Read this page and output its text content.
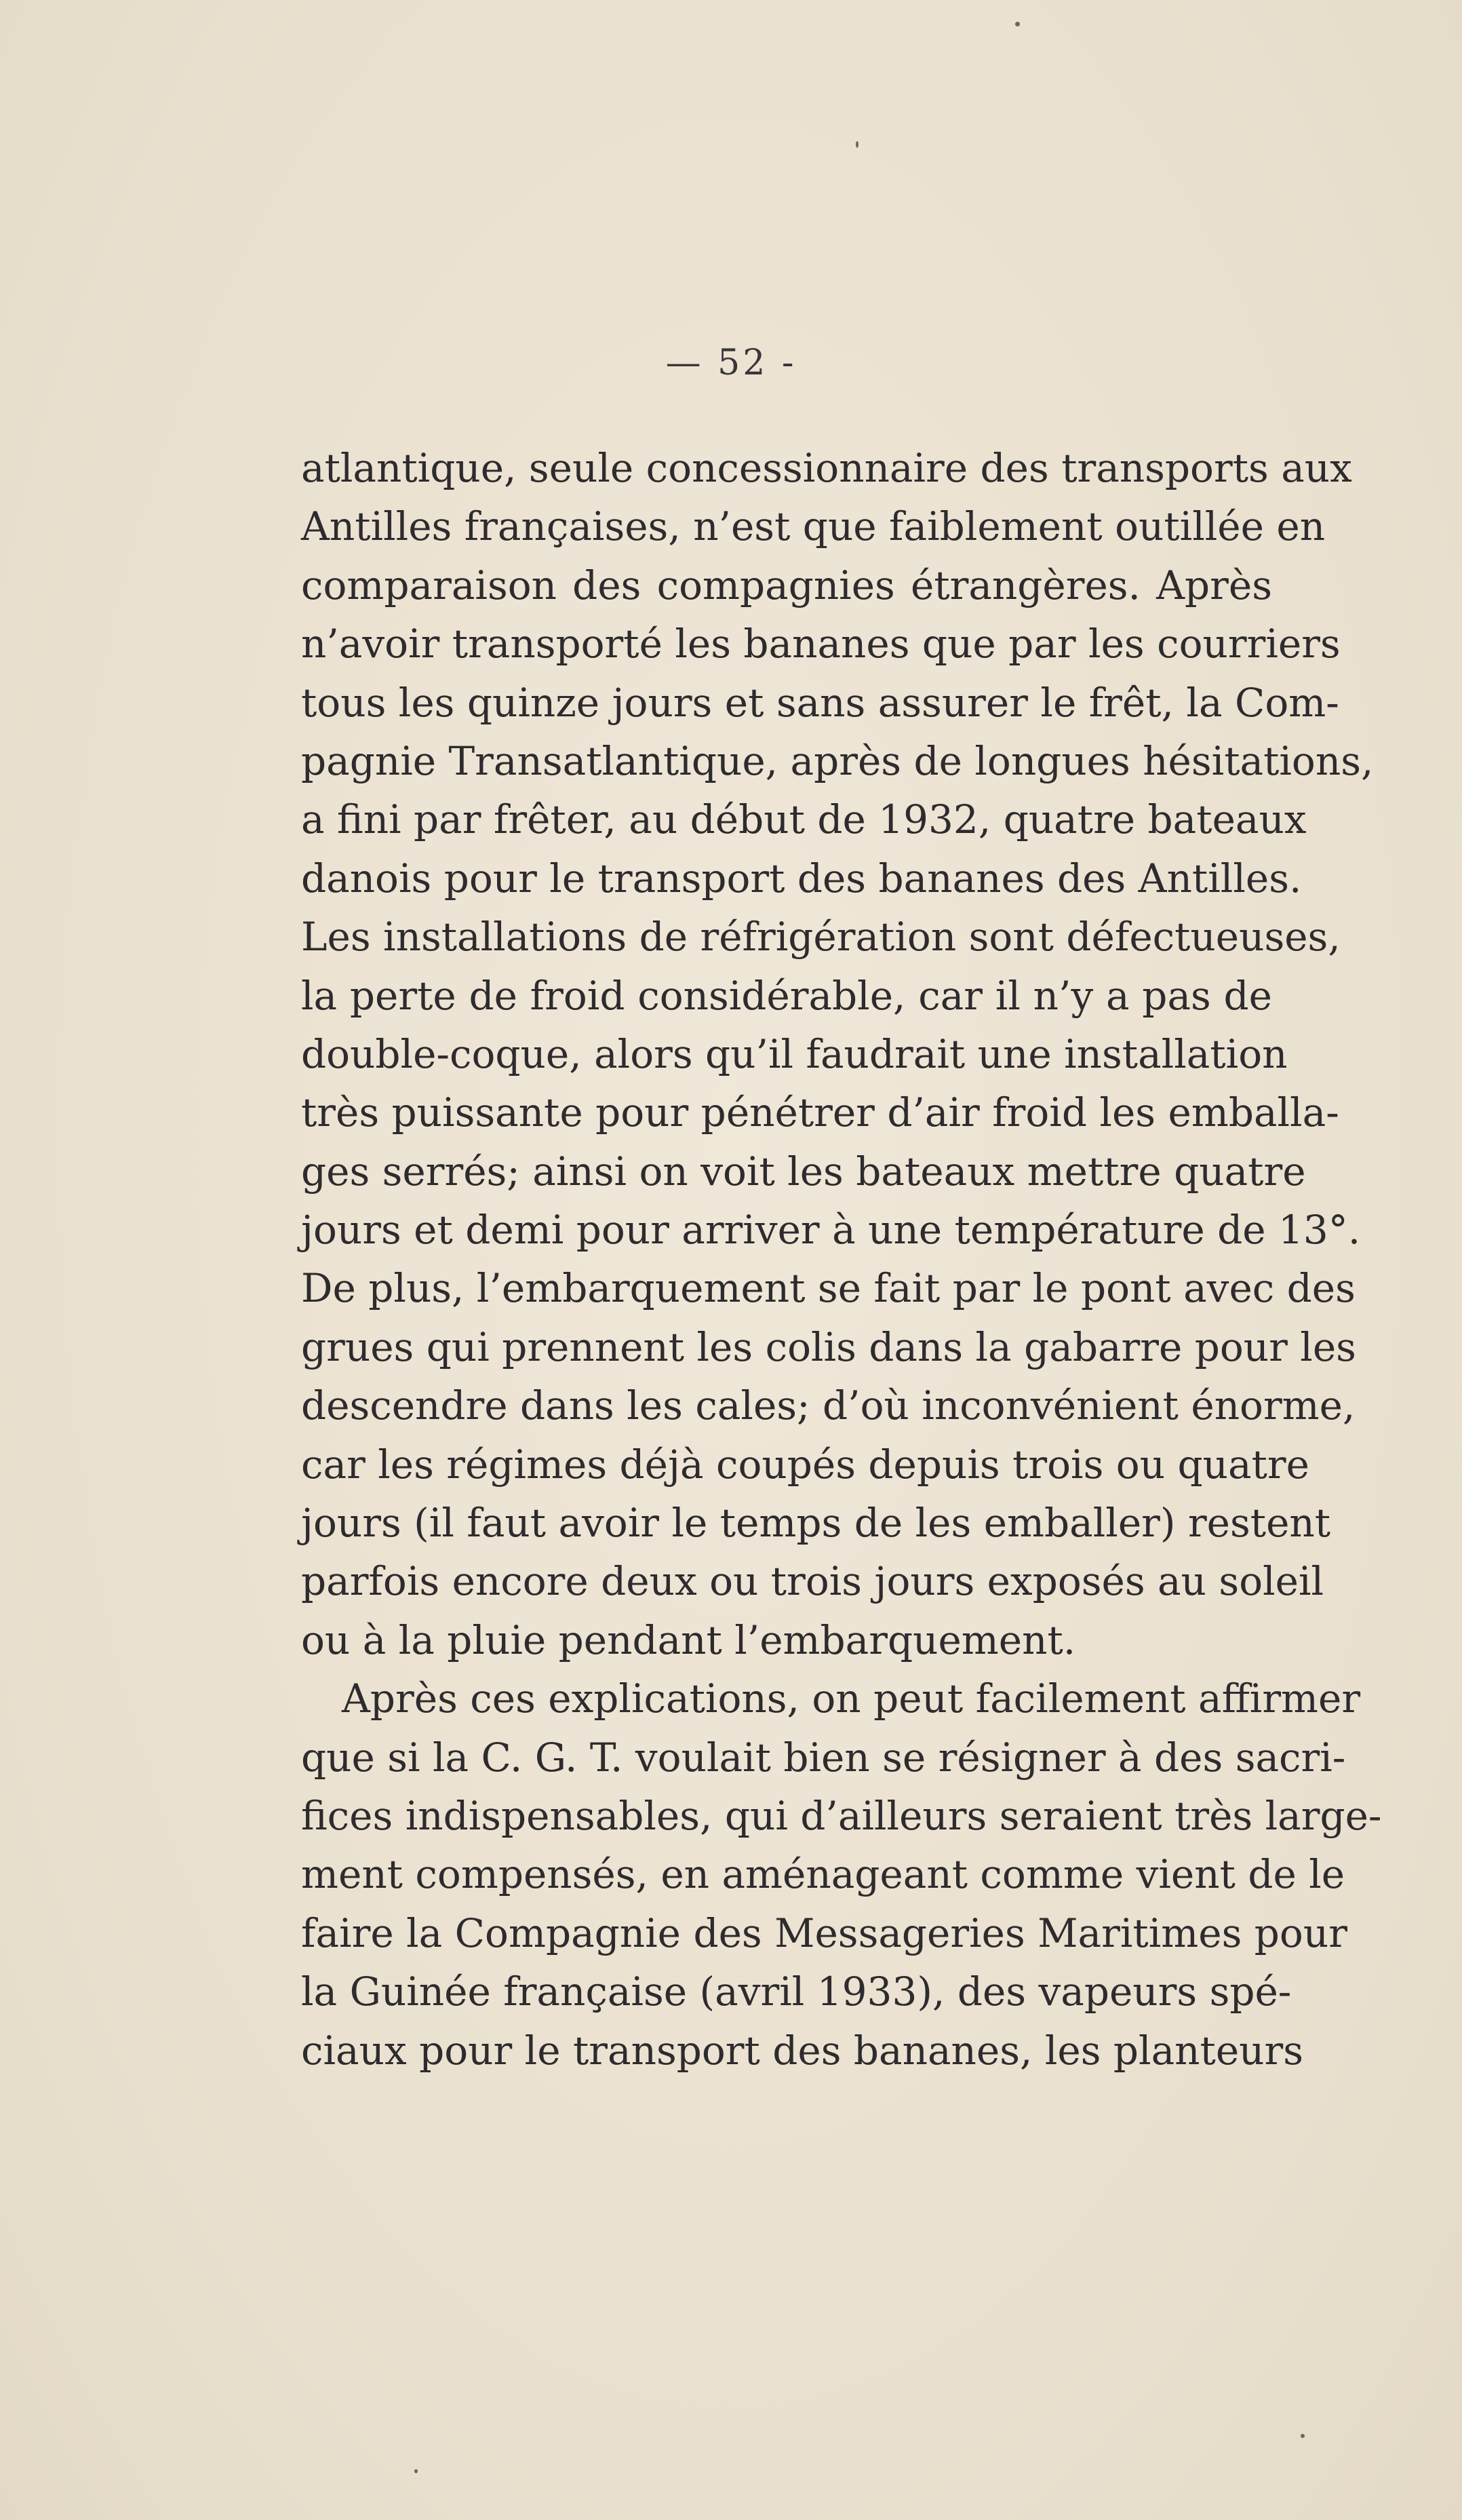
— 52 -
atlantique, seule concessionnaire des transports aux
Antilles françaises, n’est que faiblement outillée en
comparaison des compagnies étrangères. Après
n’avoir transporté les bananes que par les courriers
tous les quinze jours et sans assurer le frêt, la Com-
pagnie Transatlantique, après de longues hésitations,
a fini par frêter, au début de 1932, quatre bateaux
danois pour le transport des bananes des Antilles.
Les installations de réfrigération sont défectueuses,
la perte de froid considérable, car il n’y a pas de
double-coque, alors qu’il faudrait une installation
très puissante pour pénétrer d’air froid les emballa-
ges serrés; ainsi on voit les bateaux mettre quatre
jours et demi pour arriver à une température de 13°.
De plus, l’embarquement se fait par le pont avec des
grues qui prennent les colis dans la gabarre pour les
descendre dans les cales; d’où inconvénient énorme,
car les régimes déjà coupés depuis trois ou quatre
jours (il faut avoir le temps de les emballer) restent
parfois encore deux ou trois jours exposés au soleil
ou à la pluie pendant l’embarquement.
Après ces explications, on peut facilement affirmer
que si la C. G. T. voulait bien se résigner à des sacri-
fices indispensables, qui d’ailleurs seraient très large-
ment compensés, en aménageant comme vient de le
faire la Compagnie des Messageries Maritimes pour
la Guinée française (avril 1933), des vapeurs spé-
ciaux pour le transport des bananes, les planteurs
